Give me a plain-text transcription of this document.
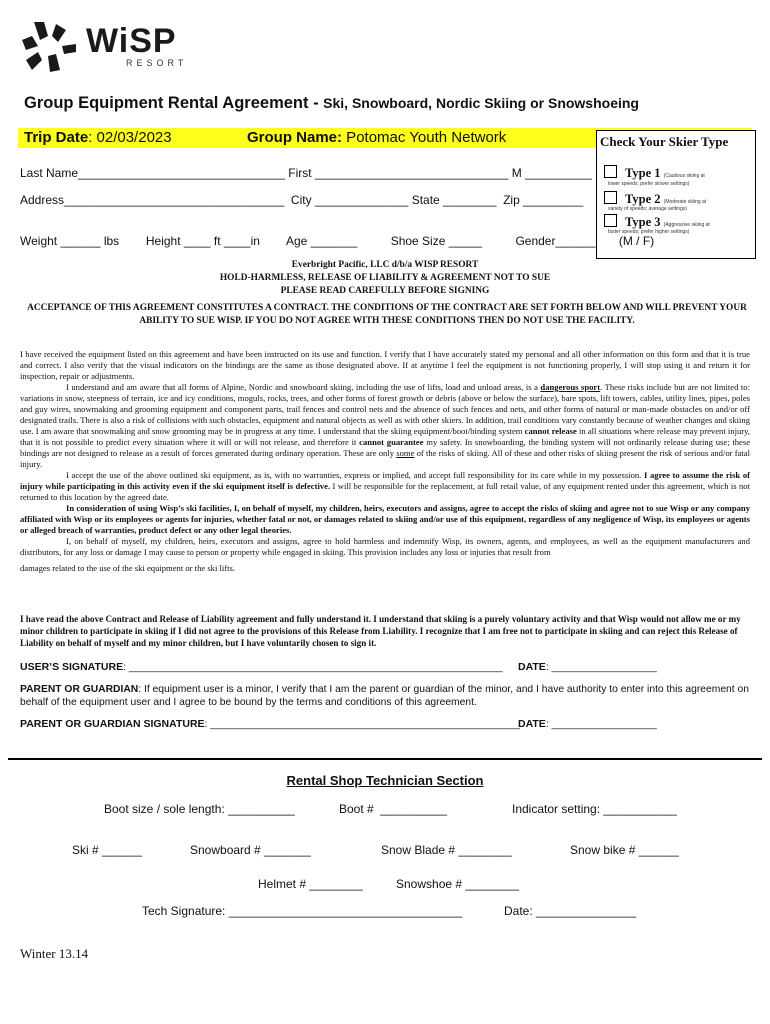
WiSP
RESORT
Group Equipment Rental Agreement - Ski, Snowboard, Nordic Skiing or Snowshoeing
Trip Date: 02/03/2023	Group Name: Potomac Youth Network	Check Your Skier Type
Type 1 (Cautious skiing at
lower speeds; prefer slower settings)
Type 2 (Moderate skiing at
variety of speeds; average settings)
Type 3 (Aggressive skiing at
faster speeds; prefer higher settings)
Last Name_______________________________ First _____________________________ M __________
Address_________________________________  City ______________ State ________  Zip _________
Weight ______ lbs        Height ____ ft ____in        Age _______          Shoe Size _____          Gender______       (M / F)
Everbright Pacific, LLC d/b/a WISP RESORT
HOLD-HARMLESS, RELEASE OF LIABILITY & AGREEMENT NOT TO SUE
PLEASE READ CAREFULLY BEFORE SIGNING
ACCEPTANCE OF THIS AGREEMENT CONSTITUTES A CONTRACT. THE CONDITIONS OF THE CONTRACT ARE SET FORTH BELOW AND WILL PREVENT YOUR ABILITY TO SUE WISP. IF YOU DO NOT AGREE WITH THESE CONDITIONS THEN DO NOT USE THE FACILITY.

I have received the equipment listed on this agreement and have been instructed on its use and function. I verify that I have accurately stated my personal and all other information on this form and that it is true and correct. I also verify that the visual indicators on the bindings are the same as those designated above. If at anytime I feel the equipment is not functioning properly, I will stop using it and return it for inspection, repair or adjustments.

I understand and am aware that all forms of Alpine, Nordic and snowboard skiing, including the use of lifts, load and unload areas, is a dangerous sport. These risks include but are not limited to: variations in snow, steepness of terrain, ice and icy conditions, moguls, rocks, trees, and other forms of forest growth or debris (above or below the surface), bare spots, lift towers, cables, utility lines, pipes, poles and guy wires, snowmaking and grooming equipment and component parts, trail fences and control nets and the absence of such fences and nets, and other forms of natural or man-made obstacles on and/or off designated trails. There is also a risk of collisions with such obstacles, equipment and natural objects as well as with other skiers. In addition, trail conditions vary constantly because of weather changes and skiing use. I am aware that snowmaking and snow grooming may be in progress at any time. I understand that the skiing equipment/boot/binding system cannot release in all situations where release may prevent injury, that it is not possible to predict every situation where it will or will not release, and therefore it cannot guarantee my safety. In snowboarding, the binding system will not ordinarily release during use; these bindings are not designed to release as a result of forces generated during ordinary operation. These are only some of the risks of skiing. All of these and other risks of skiing present the risk of serious and/or fatal injury.

I accept the use of the above outlined ski equipment, as is, with no warranties, express or implied, and accept full responsibility for its care while in my possession. I agree to assume the risk of injury while participating in this activity even if the ski equipment itself is defective. I will be responsible for the replacement, at full retail value, of any equipment rented under this agreement, which is not returned to this location by the agreed date.

In consideration of using Wisp’s ski facilities, I, on behalf of myself, my children, heirs, executors and assigns, agree to accept the risks of skiing and agree not to sue Wisp or any company affiliated with Wisp or its employees or agents for injuries, whether fatal or not, or damages related to skiing and/or use of this equipment, regardless of any negligence of Wisp, its employees or agents or alleged breach of warranties, product defect or any other legal theories.

I, on behalf of myself, my children, heirs, executors and assigns, agree to hold harmless and indemnify Wisp, its owners, agents, and employees, as well as the equipment manufacturers and distributors, for any loss or damage I may cause to person or property while engaged in skiing. This provision includes any loss or injuries that result from

damages related to the use of the ski equipment or the ski lifts.

I have read the above Contract and Release of Liability agreement and fully understand it. I understand that skiing is a purely voluntary activity and that Wisp would not allow me or my minor children to participate in skiing if I did not agree to the provisions of this Release from Liability. I recognize that I am free not to participate in skiing and can reject this Release of Liability on behalf of myself and my minor children, but I have voluntarily chosen to sign it.
USER’S SIGNATURE: ________________________________________________________________ DATE: __________________
PARENT OR GUARDIAN: If equipment user is a minor, I verify that I am the parent or guardian of the minor, and I have authority to enter into this agreement on behalf of the equipment user and I agree to be bound by the terms and conditions of this agreement.
PARENT OR GUARDIAN SIGNATURE: _____________________________________________________
DATE: __________________
Rental Shop Technician Section
Boot size / sole length: __________	Boot #  __________	Indicator setting: ___________
Ski # ______	Snowboard # _______	Snow Blade # ________	Snow bike # ______
Helmet # ________	Snowshoe # ________
Tech Signature: ___________________________________	Date: _______________
Winter 13.14
